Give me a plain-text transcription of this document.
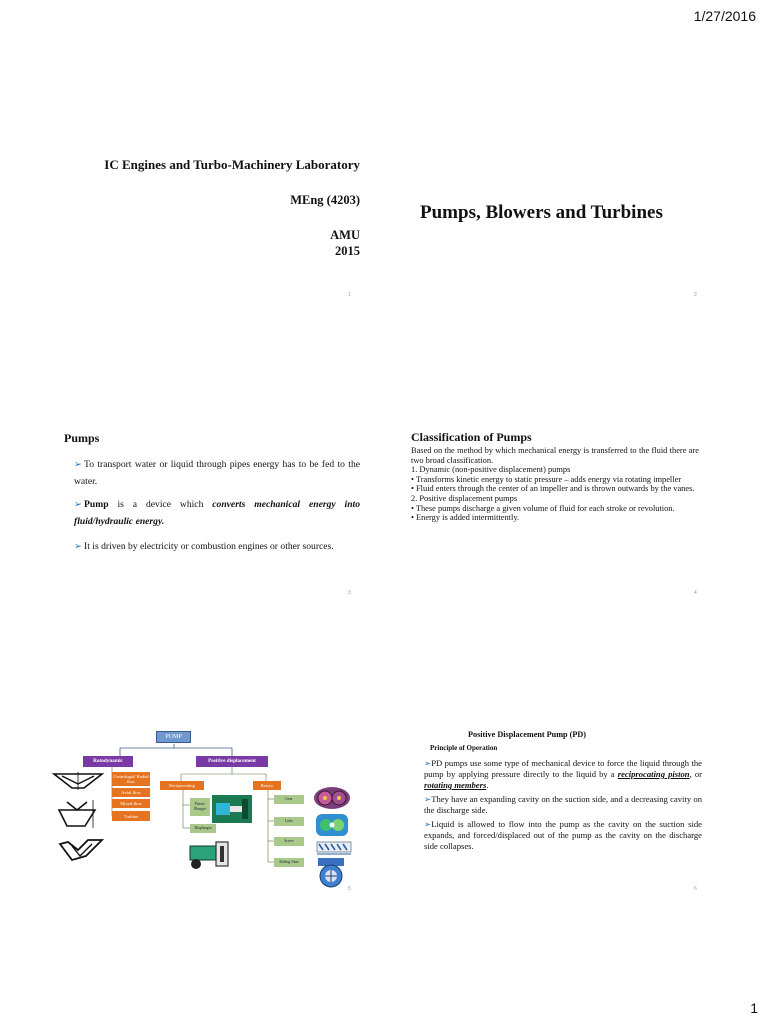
1/27/2016
IC Engines and Turbo-Machinery Laboratory
MEng (4203)
AMU
2015
1
Pumps, Blowers and Turbines
2
Pumps
➢ To transport water or liquid through pipes energy has to be fed to the water.
➢ Pump is a device which converts mechanical energy into fluid/hydraulic energy.
➢ It is driven by electricity or combustion engines or other sources.
3
Classification of Pumps

Based on the method by which mechanical energy is transferred to the fluid there are two broad classification.

1. Dynamic (non-positive displacement) pumps

• Transforms kinetic energy to static pressure – adds energy via rotating impeller

• Fluid enters through the center of an impeller and is thrown outwards by the vanes.

2. Positive displacement pumps

• These pumps discharge a given volume of fluid for each stroke or revolution.

• Energy is added intermittently.

4
PUMP
Rotodynamic	Positive displacement
Centrifugal/ Radial flow
Axial flow
Mixed flow
Turbine
Reciprocating	Rotary
Piston/ Plunger
Diaphragm
Gear
Lobe
Screw
Sliding Vane
Positive Displacement Pump (PD)
Principle of Operation

➢PD pumps use some type of mechanical device to force the liquid through the pump by applying pressure directly to the liquid by a reciprocating piston, or rotating members.

➢They have an expanding cavity on the suction side, and a decreasing cavity on the discharge side.

➢Liquid is allowed to flow into the pump as the cavity on the suction side expands, and forced/displaced out of the pump as the cavity on the discharge side collapses.

6
5
1
